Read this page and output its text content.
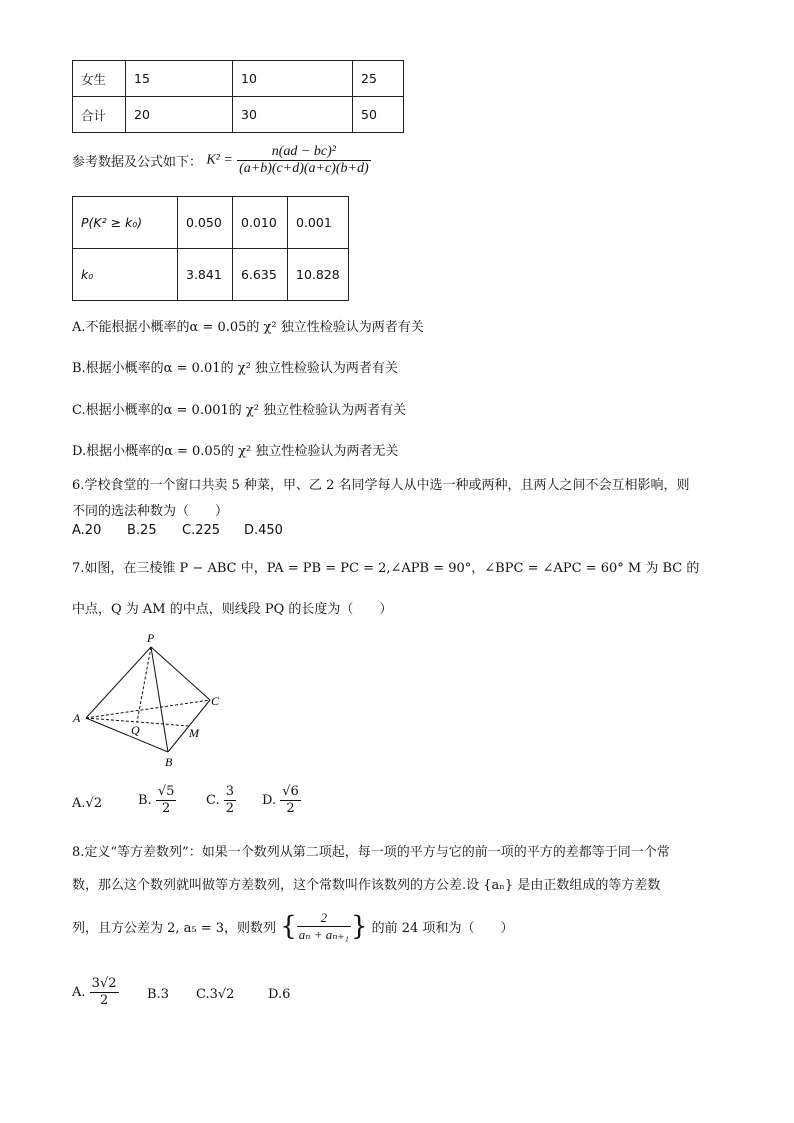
女生	15	10	25
合计	20	30	50
参考数据及公式如下： $K^2 = \frac{\text{n(ad − bc)²}}{(a+b)(c+d)(a+c)(b+d)}$
P(K² ≥ k₀)	0.050	0.010	0.001
k₀	3.841	6.635	10.828
A.不能根据小概率的α = 0.05的 χ² 独立性检验认为两者有关
B.根据小概率的α = 0.01的 χ² 独立性检验认为两者有关
C.根据小概率的α = 0.001的 χ² 独立性检验认为两者有关
D.根据小概率的α = 0.05的 χ² 独立性检验认为两者无关
6.学校食堂的一个窗口共卖 5 种菜，甲、乙 2 名同学每人从中选一种或两种，且两人之间不会互相影响，则
不同的选法种数为（　　）
A.20 B.25 C.225 D.450
7.如图，在三棱锥 P − ABC 中，PA = PB = PC = 2,∠APB = 90°，∠BPC = ∠APC = 60° M 为 BC 的
中点，Q 为 AM 的中点，则线段 PQ 的长度为（　　）
P
A
B
C
M
Q
A.√2	B. $\frac{√5}{2} C$. $\frac{3}{2} D$. $\frac{√6}{2}$
8.定义“等方差数列”：如果一个数列从第二项起，每一项的平方与它的前一项的平方的差都等于同一个常
数，那么这个数列就叫做等方差数列，这个常数叫作该数列的方公差.设 {aₙ} 是由正数组成的等方差数
列，且方公差为 2, a₅ = 3，则数列 { $\frac{2}{\text{aₙ + aₙ₊₁}}$ } 的前 24 项和为（　　）
A. $\frac{3√2}{2} B.3$ C.3√2	D.6
